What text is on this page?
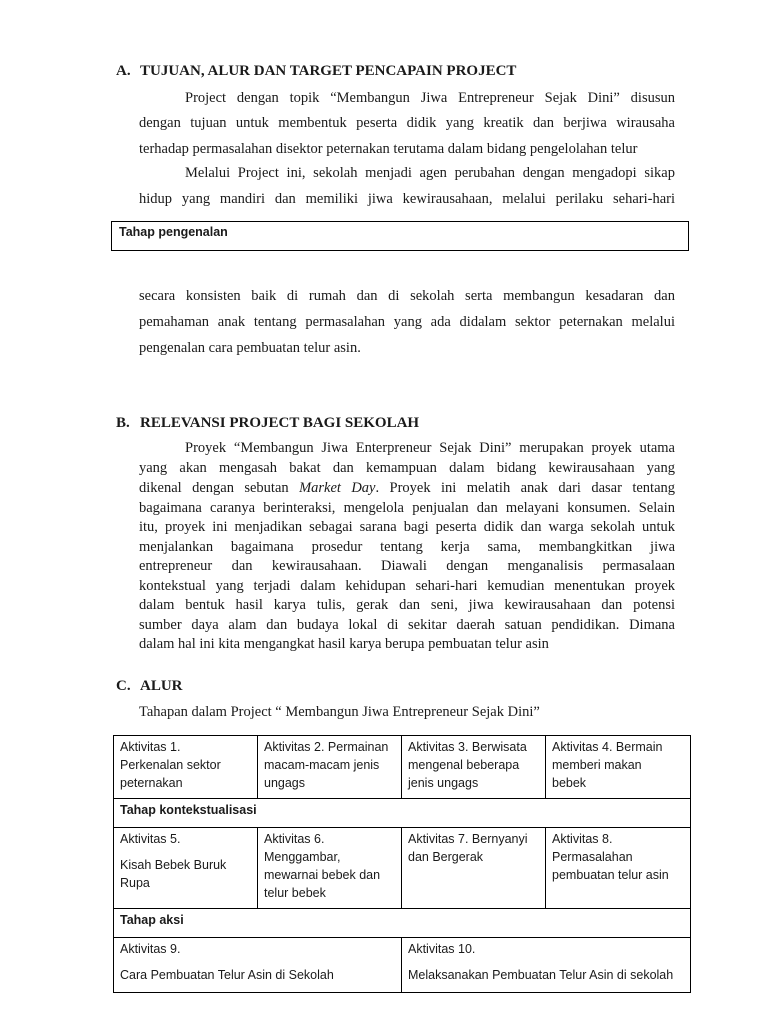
A. TUJUAN, ALUR DAN TARGET PENCAPAIN PROJECT
Project dengan topik “Membangun Jiwa Entrepreneur Sejak Dini” disusun
dengan tujuan untuk membentuk peserta didik yang kreatik dan berjiwa wirausaha
terhadap permasalahan disektor peternakan terutama dalam bidang pengelolahan telur
Melalui Project ini, sekolah menjadi agen perubahan dengan mengadopi sikap
hidup yang mandiri dan memiliki jiwa kewirausahaan, melalui perilaku sehari-hari
Tahap pengenalan
secara konsisten baik di rumah dan di sekolah serta membangun kesadaran dan
pemahaman anak tentang permasalahan yang ada didalam sektor peternakan melalui
pengenalan cara pembuatan telur asin.
B. RELEVANSI PROJECT BAGI SEKOLAH
Proyek “Membangun Jiwa Enterpreneur Sejak Dini” merupakan proyek utama
yang akan mengasah bakat dan kemampuan dalam bidang kewirausahaan yang
dikenal dengan sebutan Market Day. Proyek ini melatih anak dari dasar tentang
bagaimana caranya berinteraksi, mengelola penjualan dan melayani konsumen. Selain
itu, proyek ini menjadikan sebagai sarana bagi peserta didik dan warga sekolah untuk
menjalankan bagaimana prosedur tentang kerja sama, membangkitkan jiwa
entrepreneur dan kewirausahaan. Diawali dengan menganalisis permasalaan
kontekstual yang terjadi dalam kehidupan sehari-hari kemudian menentukan proyek
dalam bentuk hasil karya tulis, gerak dan seni, jiwa kewirausahaan dan potensi
sumber daya alam dan budaya lokal di sekitar daerah satuan pendidikan. Dimana
dalam hal ini kita mengangkat hasil karya berupa pembuatan telur asin
C. ALUR
Tahapan dalam Project “ Membangun Jiwa Entrepreneur Sejak Dini”
Aktivitas 1.
Perkenalan sektor
peternakan
Aktivitas 2. Permainan
macam-macam jenis
ungags
Aktivitas 3. Berwisata
mengenal beberapa
jenis ungags
Aktivitas 4. Bermain
memberi makan
bebek
Tahap kontekstualisasi
Aktivitas 5.
Kisah Bebek Buruk
Rupa
Aktivitas 6.
Menggambar,
mewarnai bebek dan
telur bebek
Aktivitas 7. Bernyanyi
dan Bergerak
Aktivitas 8.
Permasalahan
pembuatan telur asin
Tahap aksi
Aktivitas 9.
Cara Pembuatan Telur Asin di Sekolah
Aktivitas 10.
Melaksanakan Pembuatan Telur Asin di sekolah
